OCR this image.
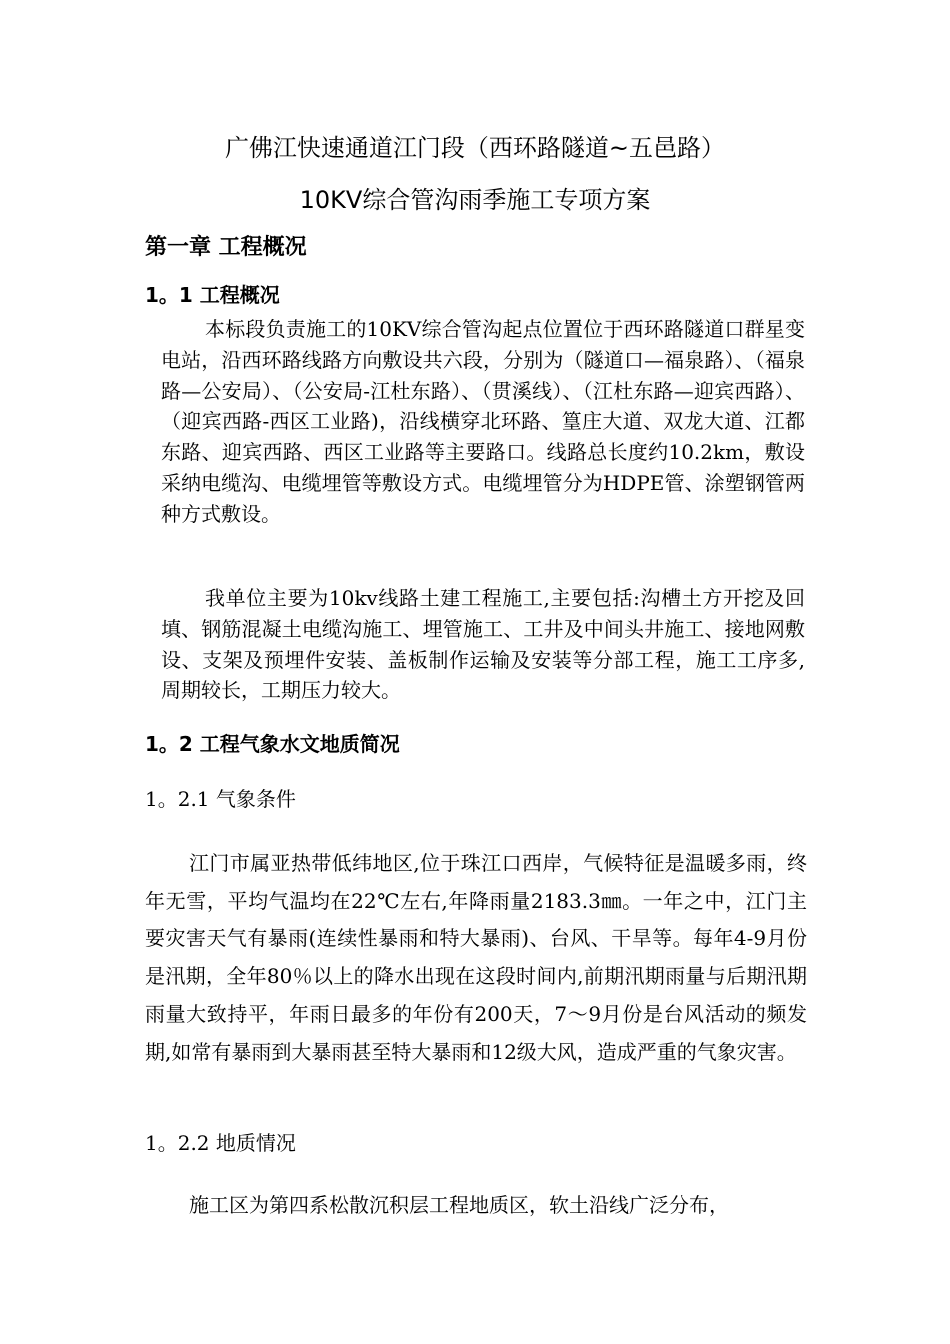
广佛江快速通道江门段（西环路隧道~五邑路）
10KV综合管沟雨季施工专项方案
第一章 工程概况
1。1 工程概况

本标段负责施工的10KV综合管沟起点位置位于西环路隧道口群星变电站，沿西环路线路方向敷设共六段，分别为（隧道口—福泉路）、（福泉路—公安局）、（公安局-江杜东路）、（贯溪线）、（江杜东路—迎宾西路）、（迎宾西路-西区工业路)，沿线横穿北环路、篁庄大道、双龙大道、江都东路、迎宾西路、西区工业路等主要路口。线路总长度约10.2km，敷设采纳电缆沟、电缆埋管等敷设方式。电缆埋管分为HDPE管、涂塑钢管两种方式敷设。

我单位主要为10kv线路土建工程施工,主要包括:沟槽土方开挖及回填、钢筋混凝土电缆沟施工、埋管施工、工井及中间头井施工、接地网敷设、支架及预埋件安装、盖板制作运输及安装等分部工程，施工工序多,周期较长，工期压力较大。

1。2 工程气象水文地质简况
1。2.1 气象条件

江门市属亚热带低纬地区,位于珠江口西岸，气候特征是温暖多雨，终年无雪，平均气温均在22℃左右,年降雨量2183.3㎜。一年之中，江门主要灾害天气有暴雨(连续性暴雨和特大暴雨)、台风、干旱等。每年4-9月份是汛期，全年80％以上的降水出现在这段时间内,前期汛期雨量与后期汛期雨量大致持平，年雨日最多的年份有200天，7～9月份是台风活动的频发期,如常有暴雨到大暴雨甚至特大暴雨和12级大风，造成严重的气象灾害。

1。2.2 地质情况

施工区为第四系松散沉积层工程地质区，软土沿线广泛分布，
